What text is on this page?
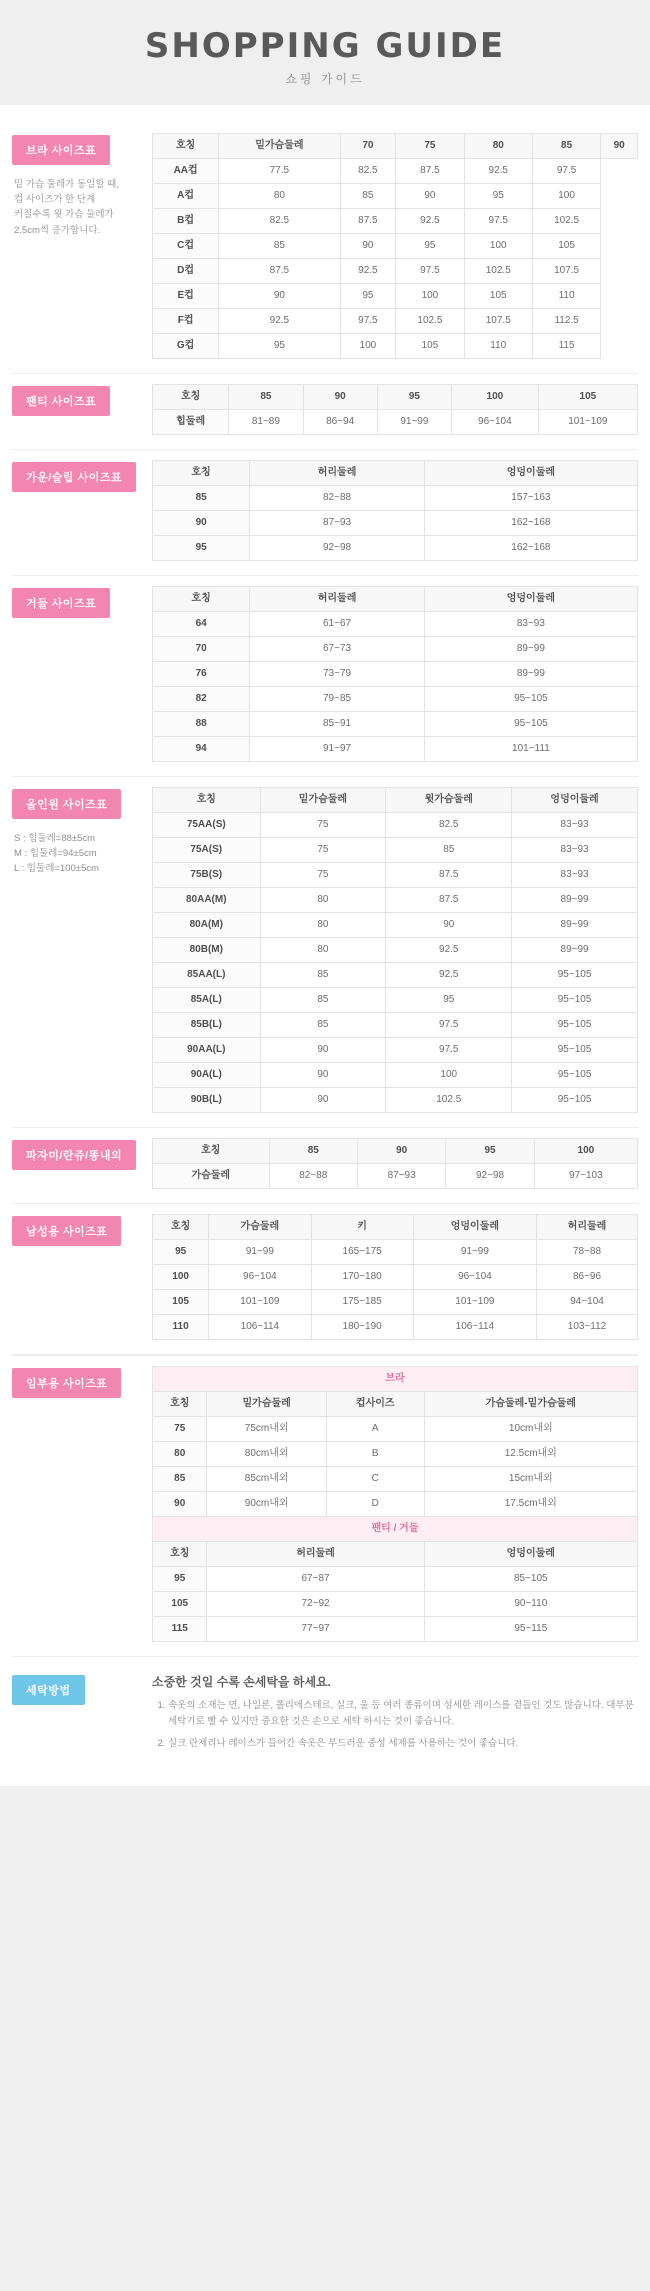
SHOPPING GUIDE
쇼핑 가이드
브라 사이즈표
밑 가슴 둘레가 동일할 때,
컵 사이즈가 한 단계
커질수록 윗 가슴 둘레가
2.5cm씩 증가합니다.
호칭	밑가슴둘레	70	75	80	85	90
AA컵	77.5	82.5	87.5	92.5	97.5	
A컵	80	85	90	95	100	
B컵	82.5	87.5	92.5	97.5	102.5	
C컵	85	90	95	100	105	
D컵	87.5	92.5	97.5	102.5	107.5	
E컵	90	95	100	105	110	
F컵	92.5	97.5	102.5	107.5	112.5	
G컵	95	100	105	110	115	
팬티 사이즈표	호칭	85	90	95	100	105
힙둘레	81~89	86~94	91~99	96~104	101~109
가운/슬립 사이즈표	호칭	허리둘레	엉덩이둘레
85	82~88	157~163
90	87~93	162~168
95	92~98	162~168
거들 사이즈표	호칭	허리둘레	엉덩이둘레
64	61~67	83~93
70	67~73	89~99
76	73~79	89~99
82	79~85	95~105
88	85~91	95~105
94	91~97	101~111
올인원 사이즈표
S : 힙둘레=88±5cm
M : 힙둘레=94±5cm
L : 힙둘레=100±5cm
호칭	밑가슴둘레	윗가슴둘레	엉덩이둘레
75AA(S)	75	82.5	83~93
75A(S)	75	85	83~93
75B(S)	75	87.5	83~93
80AA(M)	80	87.5	89~99
80A(M)	80	90	89~99
80B(M)	80	92.5	89~99
85AA(L)	85	92.5	95~105
85A(L)	85	95	95~105
85B(L)	85	97.5	95~105
90AA(L)	90	97.5	95~105
90A(L)	90	100	95~105
90B(L)	90	102.5	95~105
파자미/란쥬/똥내의	호칭	85	90	95	100
가슴둘레	82~88	87~93	92~98	97~103
남성용 사이즈표	호칭	가슴둘레	키	엉덩이둘레	허리둘레
95	91~99	165~175	91~99	78~88
100	96~104	170~180	96~104	86~96
105	101~109	175~185	101~109	94~104
110	106~114	180~190	106~114	103~112
임부용 사이즈표	브라			
호칭	밑가슴둘레	컵사이즈	가슴둘레-밑가슴둘레
75	75cm내외	A	10cm내외
80	80cm내외	B	12.5cm내외
85	85cm내외	C	15cm내외
90	90cm내외	D	17.5cm내외
팬티 / 거들			
호칭	허리둘레		엉덩이둘레
95	67~87		85~105
105	72~92		90~110
115	77~97		95~115
세탁방법
소중한 것일 수록 손세탁을 하세요.
1. 속옷의 소재는 면, 나일론, 폴리에스테르, 실크, 울 등 여러 종류이며 섬세한 레이스를 곁들인 것도 많습니다. 대부분 세탁기로 빨 수 있지만 중요한 것은 손으로 세탁 하시는 것이 좋습니다.
2. 실크 란제리나 레이스가 들어간 속옷은 부드러운 중성 세제를 사용하는 것이 좋습니다.
